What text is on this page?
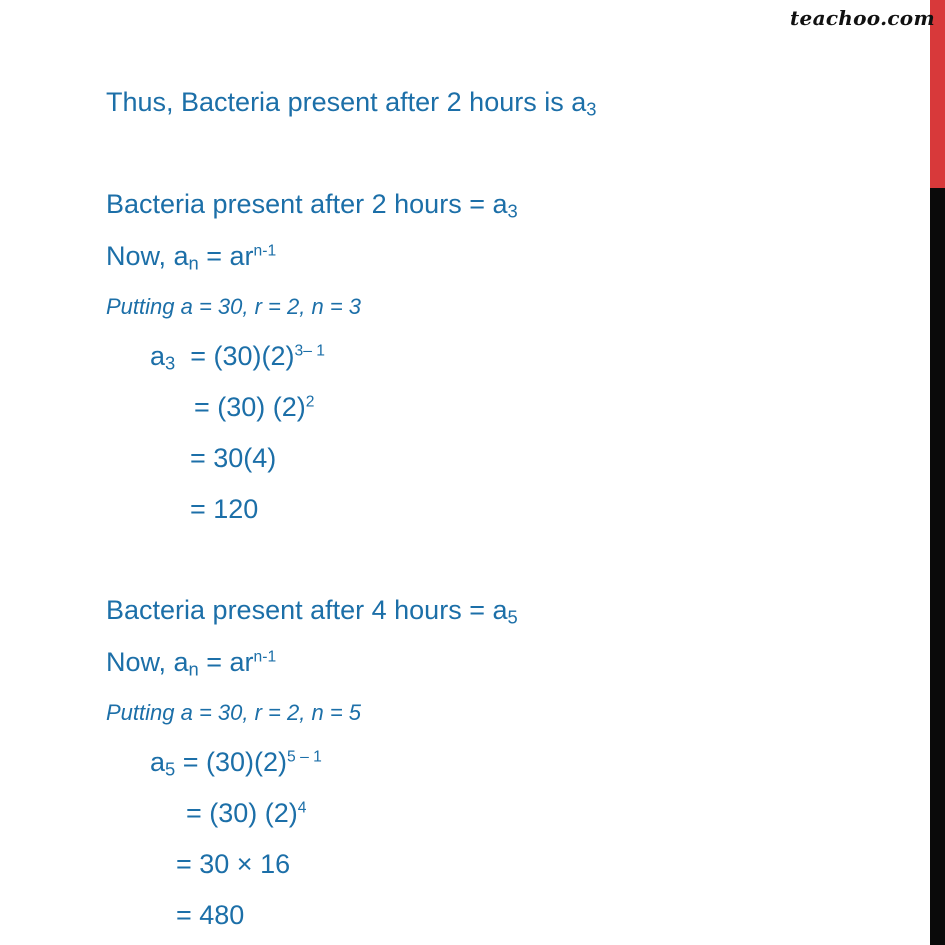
teachoo.com
Thus, Bacteria present after 2 hours is $a_3$
Bacteria present after 2 hours = $a_3$
Now, $a_n = ar^{n-1}$
Putting a = 30, r = 2, n = 3
$a_3 = (30)(2)^{3- 1}$
= (30) $(2)^2$
= 30(4)
= 120
Bacteria present after 4 hours = $a_5$
Now, $a_n = ar^{n-1}$
Putting a = 30, r = 2, n = 5
$a_5 = (30)(2)^{5 - 1}$
= (30) $(2)^4$
= 30 × 16
= 480
